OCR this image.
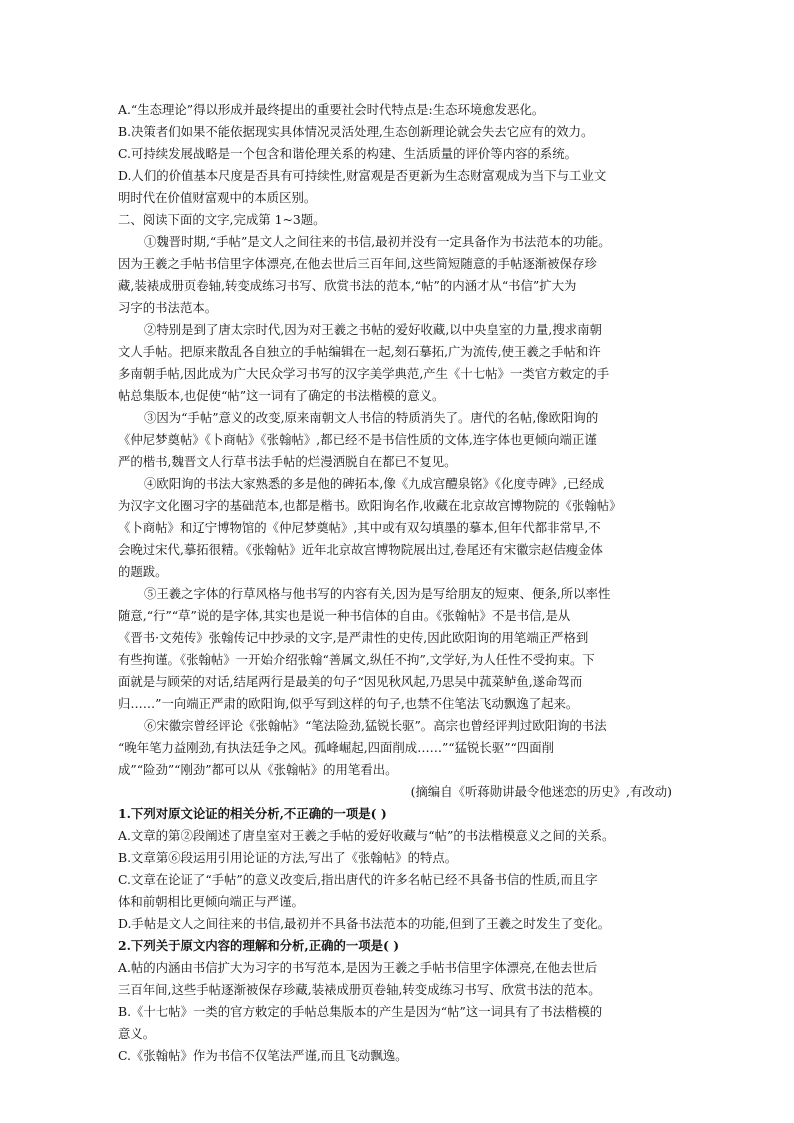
A.“生态理论”得以形成并最终提出的重要社会时代特点是:生态环境愈发恶化。
B.决策者们如果不能依据现实具体情况灵活处理,生态创新理论就会失去它应有的效力。
C.可持续发展战略是一个包含和谐伦理关系的构建、生活质量的评价等内容的系统。
D.人们的价值基本尺度是否具有可持续性,财富观是否更新为生态财富观成为当下与工业文
明时代在价值财富观中的本质区别。
二、阅读下面的文字,完成第 1~3题。
①魏晋时期,“手帖”是文人之间往来的书信,最初并没有一定具备作为书法范本的功能。
因为王羲之手帖书信里字体漂亮,在他去世后三百年间,这些简短随意的手帖逐渐被保存珍
藏,装裱成册页卷轴,转变成练习书写、欣赏书法的范本,“帖”的内涵才从“书信”扩大为
习字的书法范本。
②特别是到了唐太宗时代,因为对王羲之书帖的爱好收藏,以中央皇室的力量,搜求南朝
文人手帖。把原来散乱各自独立的手帖编辑在一起,刻石摹拓,广为流传,使王羲之手帖和许
多南朝手帖,因此成为广大民众学习书写的汉字美学典范,产生《十七帖》一类官方敕定的手
帖总集版本,也促使“帖”这一词有了确定的书法楷模的意义。
③因为“手帖”意义的改变,原来南朝文人书信的特质消失了。唐代的名帖,像欧阳询的
《仲尼梦奠帖》《卜商帖》《张翰帖》,都已经不是书信性质的文体,连字体也更倾向端正谨
严的楷书,魏晋文人行草书法手帖的烂漫洒脱自在都已不复见。
④欧阳询的书法大家熟悉的多是他的碑拓本,像《九成宫醴泉铭》《化度寺碑》,已经成
为汉字文化圈习字的基础范本,也都是楷书。欧阳询名作,收藏在北京故宫博物院的《张翰帖》
《卜商帖》和辽宁博物馆的《仲尼梦奠帖》,其中或有双勾填墨的摹本,但年代都非常早,不
会晚过宋代,摹拓很精。《张翰帖》近年北京故宫博物院展出过,卷尾还有宋徽宗赵佶瘦金体
的题跋。
⑤王羲之字体的行草风格与他书写的内容有关,因为是写给朋友的短柬、便条,所以率性
随意,“行”“草”说的是字体,其实也是说一种书信体的自由。《张翰帖》不是书信,是从
《晋书·文苑传》张翰传记中抄录的文字,是严肃性的史传,因此欧阳询的用笔端正严格到
有些拘谨。《张翰帖》一开始介绍张翰“善属文,纵任不拘”,文学好,为人任性不受拘束。下
面就是与顾荣的对话,结尾两行是最美的句子“因见秋风起,乃思吴中菰菜鲈鱼,遂命驾而
归……”一向端正严肃的欧阳询,似乎写到这样的句子,也禁不住笔法飞动飘逸了起来。
⑥宋徽宗曾经评论《张翰帖》“笔法险劲,猛锐长驱”。高宗也曾经评判过欧阳询的书法
“晚年笔力益刚劲,有执法廷争之风。孤峰崛起,四面削成……”“猛锐长驱”“四面削
成”“险劲”“刚劲”都可以从《张翰帖》的用笔看出。
(摘编自《听蒋勋讲最令他迷恋的历史》,有改动)
1.下列对原文论证的相关分析,不正确的一项是( )
A.文章的第②段阐述了唐皇室对王羲之手帖的爱好收藏与“帖”的书法楷模意义之间的关系。
B.文章第⑥段运用引用论证的方法,写出了《张翰帖》的特点。
C.文章在论证了“手帖”的意义改变后,指出唐代的许多名帖已经不具备书信的性质,而且字
体和前朝相比更倾向端正与严谨。
D.手帖是文人之间往来的书信,最初并不具备书法范本的功能,但到了王羲之时发生了变化。
2.下列关于原文内容的理解和分析,正确的一项是( )
A.帖的内涵由书信扩大为习字的书写范本,是因为王羲之手帖书信里字体漂亮,在他去世后
三百年间,这些手帖逐渐被保存珍藏,装裱成册页卷轴,转变成练习书写、欣赏书法的范本。
B.《十七帖》一类的官方敕定的手帖总集版本的产生是因为“帖”这一词具有了书法楷模的
意义。
C.《张翰帖》作为书信不仅笔法严谨,而且飞动飘逸。
